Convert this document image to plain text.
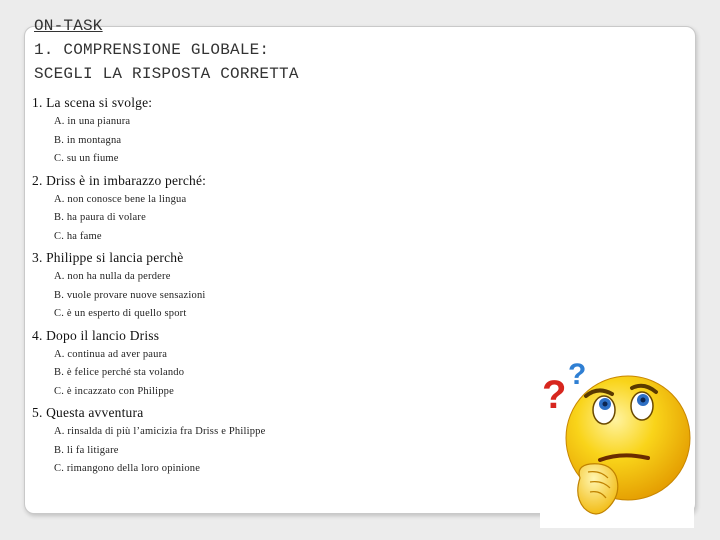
ON-TASK
1. COMPRENSIONE GLOBALE:
SCEGLI LA RISPOSTA CORRETTA

1. La scena si svolge:

A. in una pianura
B. in montagna
C. su un fiume

2. Driss è in imbarazzo perché:

A. non conosce bene la lingua
B. ha paura di volare
C. ha fame

3. Philippe si lancia perchè

A. non ha nulla da perdere
B. vuole provare nuove sensazioni
C. è un esperto di quello sport

4. Dopo il lancio Driss

A. continua ad aver paura
B. è felice perché sta volando
C. è incazzato con Philippe

5. Questa avventura

A. rinsalda di più l’amicizia fra Driss e Philippe
B. li fa litigare
C. rimangono della loro opinione
? ?
